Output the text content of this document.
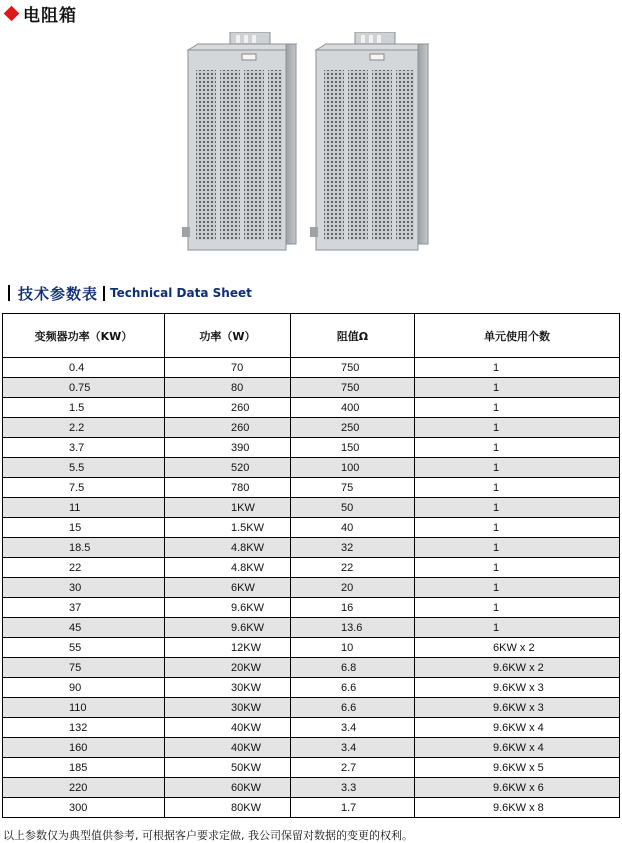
电阻箱
技术参数表 Technical Data Sheet
变频器功率（KW）	功率（W）	阻值Ω	单元使用个数
0.4	70	750	1
0.75	80	750	1
1.5	260	400	1
2.2	260	250	1
3.7	390	150	1
5.5	520	100	1
7.5	780	75	1
11	1KW	50	1
15	1.5KW	40	1
18.5	4.8KW	32	1
22	4.8KW	22	1
30	6KW	20	1
37	9.6KW	16	1
45	9.6KW	13.6	1
55	12KW	10	6KW x 2
75	20KW	6.8	9.6KW x 2
90	30KW	6.6	9.6KW x 3
110	30KW	6.6	9.6KW x 3
132	40KW	3.4	9.6KW x 4
160	40KW	3.4	9.6KW x 4
185	50KW	2.7	9.6KW x 5
220	60KW	3.3	9.6KW x 6
300	80KW	1.7	9.6KW x 8
以上参数仅为典型值供参考, 可根据客户要求定做, 我公司保留对数据的变更的权利。
